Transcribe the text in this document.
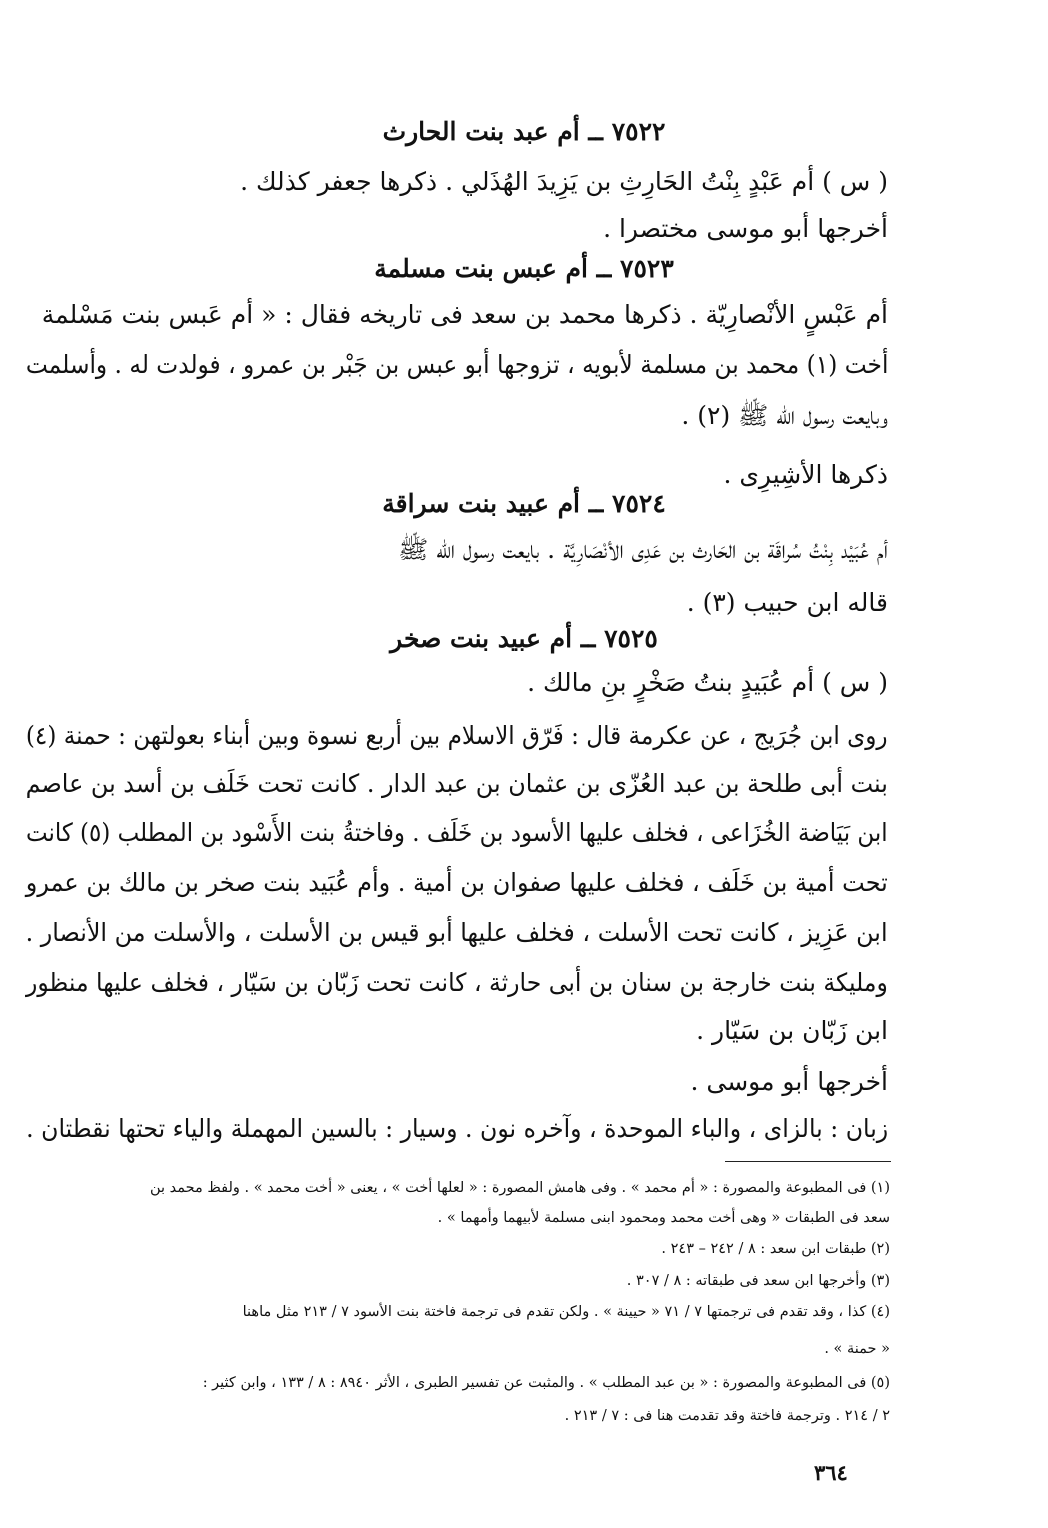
٧٥٢٢ ــ أم عبد بنت الحارث
( س ) أم عَبْدٍ بِنْتُ الحَارِثِ بن يَزِيدَ الهُذَلي . ذكرها جعفر كذلك .
أخرجها أبو موسى مختصرا .
٧٥٢٣ ــ أم عبس بنت مسلمة
أم عَبْسٍ الأنْصارِيّة . ذكرها محمد بن سعد فى تاريخه فقال : « أم عَبس بنت مَسْلمة
أخت (١) محمد بن مسلمة لأبويه ، تزوجها أبو عبس بن جَبْر بن عمرو ، فولدت له . وأسلمت
وبايعت رسول الله ﷺ (٢) .
ذكرها الأشِيرِى .
٧٥٢٤ ــ أم عبيد بنت سراقة
أم عُبَيْد بِنْتُ سُراقَة بن الحَارث بن عَدِى الأنْصَارِيَّة . بايعت رسول الله ﷺ
قاله ابن حبيب (٣) .
٧٥٢٥ ــ أم عبيد بنت صخر
( س ) أم عُبَيدٍ بنتُ صَخْرٍ بنِ مالك .
روى ابن جُرَيج ، عن عكرمة قال : فَرّق الاسلام بين أربع نسوة وبين أبناء بعولتهن : حمنة (٤)
بنت أبى طلحة بن عبد العُزّى بن عثمان بن عبد الدار . كانت تحت خَلَف بن أسد بن عاصم
ابن بَيَاضة الخُزَاعى ، فخلف عليها الأسود بن خَلَف . وفاختةُ بنت الأَسْود بن المطلب (٥) كانت
تحت أمية بن خَلَف ، فخلف عليها صفوان بن أمية . وأم عُبَيد بنت صخر بن مالك بن عمرو
ابن عَزِيز ، كانت تحت الأسلت ، فخلف عليها أبو قيس بن الأسلت ، والأسلت من الأنصار .
ومليكة بنت خارجة بن سنان بن أبى حارثة ، كانت تحت زَبّان بن سَيّار ، فخلف عليها منظور
ابن زَبّان بن سَيّار .
أخرجها أبو موسى .
زبان : بالزاى ، والباء الموحدة ، وآخره نون . وسيار : بالسين المهملة والياء تحتها نقطتان .
(١) فى المطبوعة والمصورة : « أم محمد » . وفى هامش المصورة : « لعلها أخت » ، يعنى « أخت محمد » . ولفظ محمد بن
سعد فى الطبقات « وهى أخت محمد ومحمود ابنى مسلمة لأبيهما وأمهما » .
(٢) طبقات ابن سعد : ٨ / ٢٤٢ – ٢٤٣ .
(٣) وأخرجها ابن سعد فى طبقاته : ٨ / ٣٠٧ .
(٤) كذا ، وقد تقدم فى ترجمتها ٧ / ٧١ « حيينة » . ولكن تقدم فى ترجمة فاختة بنت الأسود ٧ / ٢١٣ مثل ماهنا
« حمنة » .
(٥) فى المطبوعة والمصورة : « بن عبد المطلب » . والمثبت عن تفسير الطبرى ، الأثر ٨٩٤٠ : ٨ / ١٣٣ ، وابن كثير :
٢ / ٢١٤ . وترجمة فاختة وقد تقدمت هنا فى : ٧ / ٢١٣ .
٣٦٤
